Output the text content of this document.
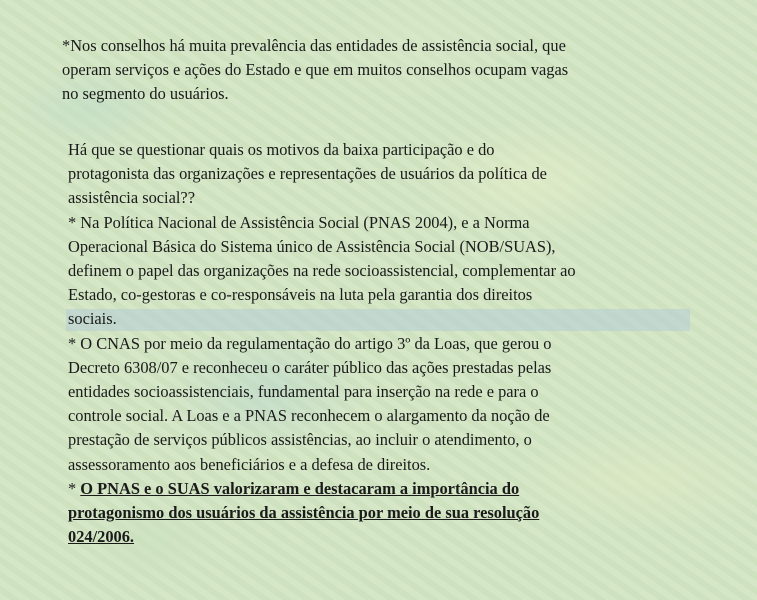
*Nos conselhos há muita prevalência das entidades de assistência social, que
operam serviços e ações do Estado e que em muitos conselhos ocupam vagas
no segmento do usuários.
Há que se questionar quais os motivos da baixa participação e do
protagonista das organizações e representações de usuários da política de
assistência social??
* Na Política Nacional de Assistência Social (PNAS 2004), e a Norma
Operacional Básica do Sistema único de Assistência Social (NOB/SUAS),
definem o papel das organizações na rede socioassistencial, complementar ao
Estado, co-gestoras e co-responsáveis na luta pela garantia dos direitos
sociais.
* O CNAS por meio da regulamentação do artigo 3º da Loas, que gerou o
Decreto 6308/07 e reconheceu o caráter público das ações prestadas pelas
entidades socioassistenciais, fundamental para inserção na rede e para o
controle social. A Loas e a PNAS reconhecem o alargamento da noção de
prestação de serviços públicos assistências, ao incluir o atendimento, o
assessoramento aos beneficiários e a defesa de direitos.
* O PNAS e o SUAS valorizaram e destacaram a importância do
protagonismo dos usuários da assistência por meio de sua resolução
024/2006.
